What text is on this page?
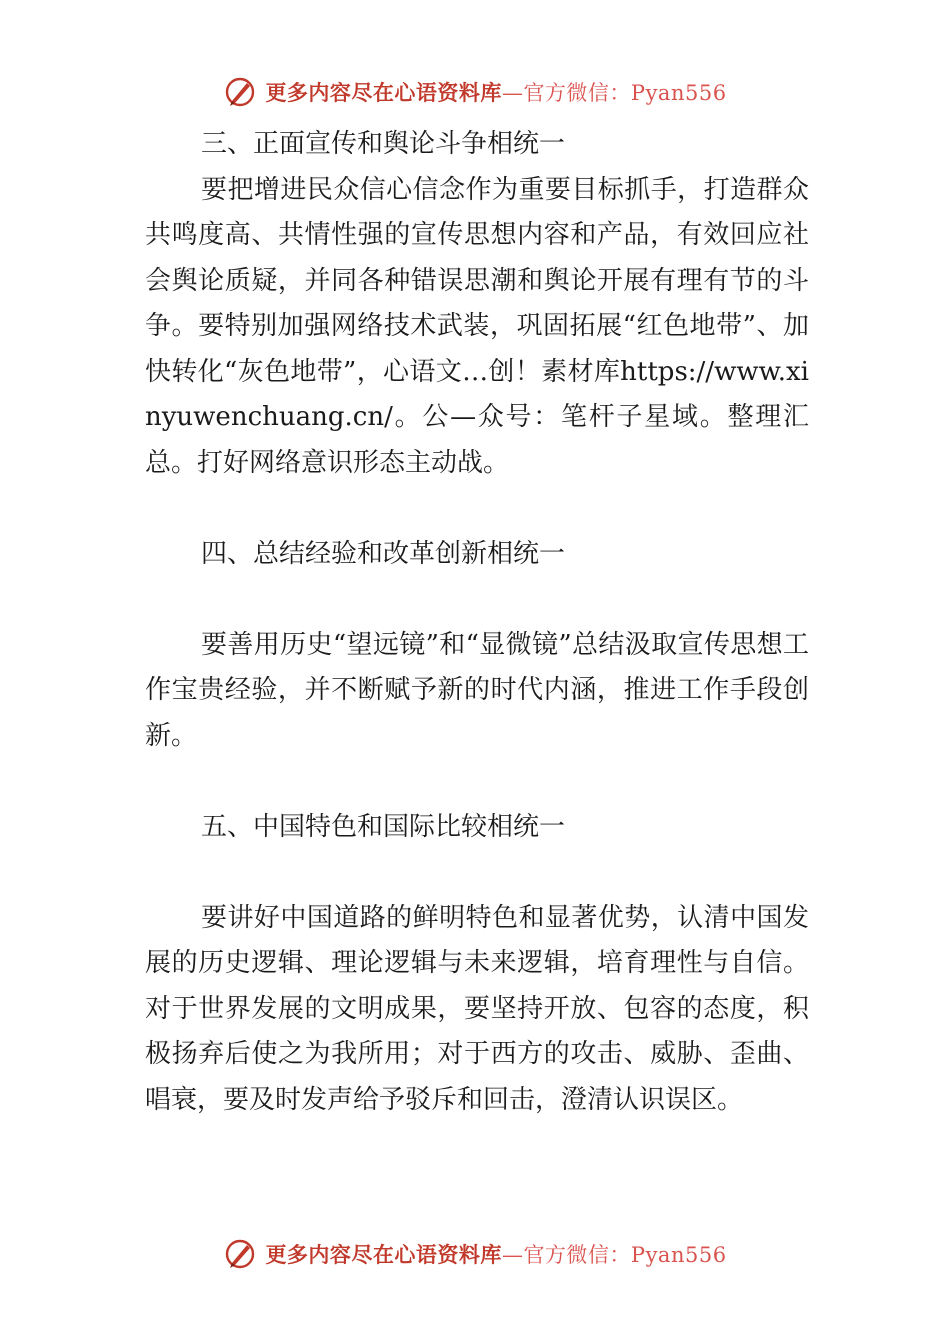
更多内容尽在心语资料库—官方微信：Pyan556

三、正面宣传和舆论斗争相统一

要把增进民众信心信念作为重要目标抓手，打造群众共鸣度高、共情性强的宣传思想内容和产品，有效回应社会舆论质疑，并同各种错误思潮和舆论开展有理有节的斗争。要特别加强网络技术武装，巩固拓展“红色地带”、加快转化“灰色地带”，心语文…创！素材库https://www.xinyuwenchuang.cn/。公—众号：笔杆子星域。整理汇总。打好网络意识形态主动战。

四、总结经验和改革创新相统一

要善用历史“望远镜”和“显微镜”总结汲取宣传思想工作宝贵经验，并不断赋予新的时代内涵，推进工作手段创新。

五、中国特色和国际比较相统一

要讲好中国道路的鲜明特色和显著优势，认清中国发展的历史逻辑、理论逻辑与未来逻辑，培育理性与自信。对于世界发展的文明成果，要坚持开放、包容的态度，积极扬弃后使之为我所用；对于西方的攻击、威胁、歪曲、唱衰，要及时发声给予驳斥和回击，澄清认识误区。

更多内容尽在心语资料库—官方微信：Pyan556
